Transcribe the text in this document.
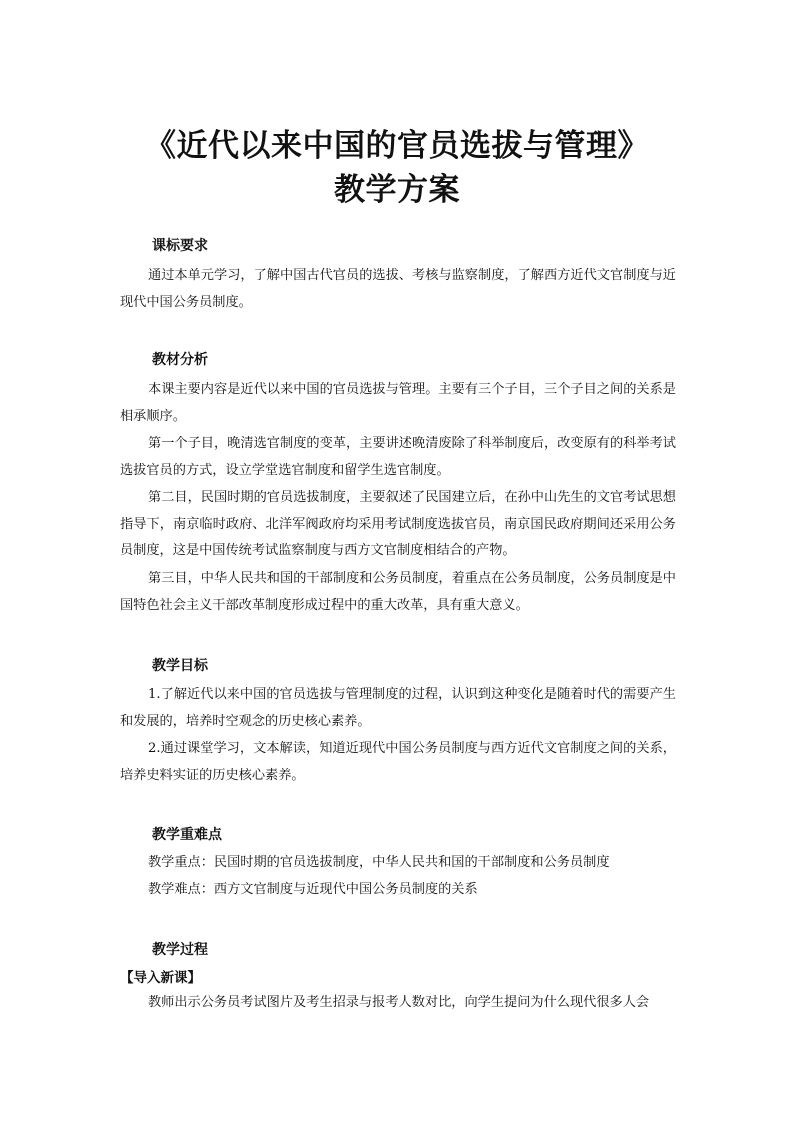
《近代以来中国的官员选拔与管理》
教学方案
课标要求
通过本单元学习，了解中国古代官员的选拔、考核与监察制度，了解西方近代文官制度与近现代中国公务员制度。
教材分析
本课主要内容是近代以来中国的官员选拔与管理。主要有三个子目，三个子目之间的关系是相承顺序。
第一个子目，晚清选官制度的变革，主要讲述晚清废除了科举制度后，改变原有的科举考试选拔官员的方式，设立学堂选官制度和留学生选官制度。
第二目，民国时期的官员选拔制度，主要叙述了民国建立后，在孙中山先生的文官考试思想指导下，南京临时政府、北洋军阀政府均采用考试制度选拔官员，南京国民政府期间还采用公务员制度，这是中国传统考试监察制度与西方文官制度相结合的产物。
第三目，中华人民共和国的干部制度和公务员制度，着重点在公务员制度，公务员制度是中国特色社会主义干部改革制度形成过程中的重大改革，具有重大意义。
教学目标
1.了解近代以来中国的官员选拔与管理制度的过程，认识到这种变化是随着时代的需要产生和发展的，培养时空观念的历史核心素养。
2.通过课堂学习，文本解读，知道近现代中国公务员制度与西方近代文官制度之间的关系，培养史料实证的历史核心素养。
教学重难点
教学重点：民国时期的官员选拔制度，中华人民共和国的干部制度和公务员制度
教学难点：西方文官制度与近现代中国公务员制度的关系
教学过程
【导入新课】
教师出示公务员考试图片及考生招录与报考人数对比，向学生提问为什么现代很多人会
